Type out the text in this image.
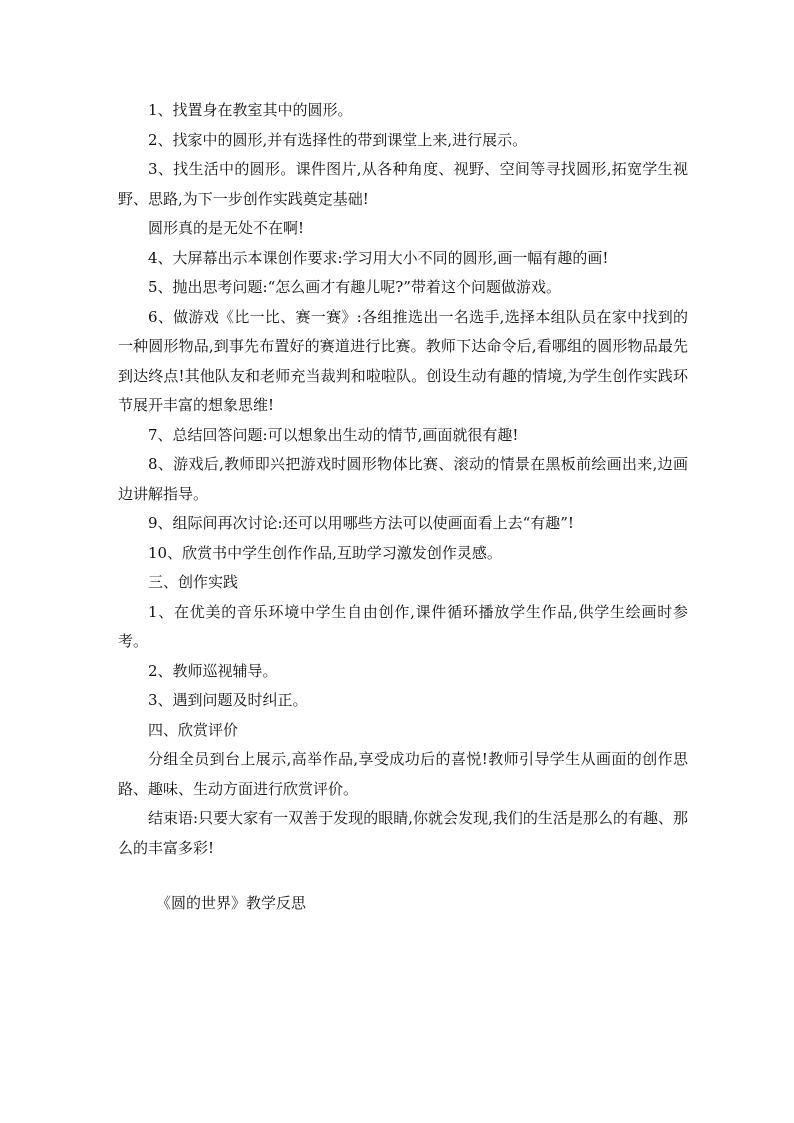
1、找置身在教室其中的圆形。

2、找家中的圆形,并有选择性的带到课堂上来,进行展示。

3、找生活中的圆形。课件图片,从各种角度、视野、空间等寻找圆形,拓宽学生视野、思路,为下一步创作实践奠定基础!

圆形真的是无处不在啊!

4、大屏幕出示本课创作要求:学习用大小不同的圆形,画一幅有趣的画!

5、抛出思考问题:“怎么画才有趣儿呢?”带着这个问题做游戏。

6、做游戏《比一比、赛一赛》:各组推选出一名选手,选择本组队员在家中找到的一种圆形物品,到事先布置好的赛道进行比赛。教师下达命令后,看哪组的圆形物品最先到达终点!其他队友和老师充当裁判和啦啦队。创设生动有趣的情境,为学生创作实践环节展开丰富的想象思维!

7、总结回答问题:可以想象出生动的情节,画面就很有趣!

8、游戏后,教师即兴把游戏时圆形物体比赛、滚动的情景在黑板前绘画出来,边画边讲解指导。

9、组际间再次讨论:还可以用哪些方法可以使画面看上去“有趣”!

10、欣赏书中学生创作作品,互助学习激发创作灵感。

三、创作实践

1、在优美的音乐环境中学生自由创作,课件循环播放学生作品,供学生绘画时参考。

2、教师巡视辅导。

3、遇到问题及时纠正。

四、欣赏评价

分组全员到台上展示,高举作品,享受成功后的喜悦!教师引导学生从画面的创作思路、趣味、生动方面进行欣赏评价。

结束语:只要大家有一双善于发现的眼睛,你就会发现,我们的生活是那么的有趣、那么的丰富多彩!

《圆的世界》教学反思
